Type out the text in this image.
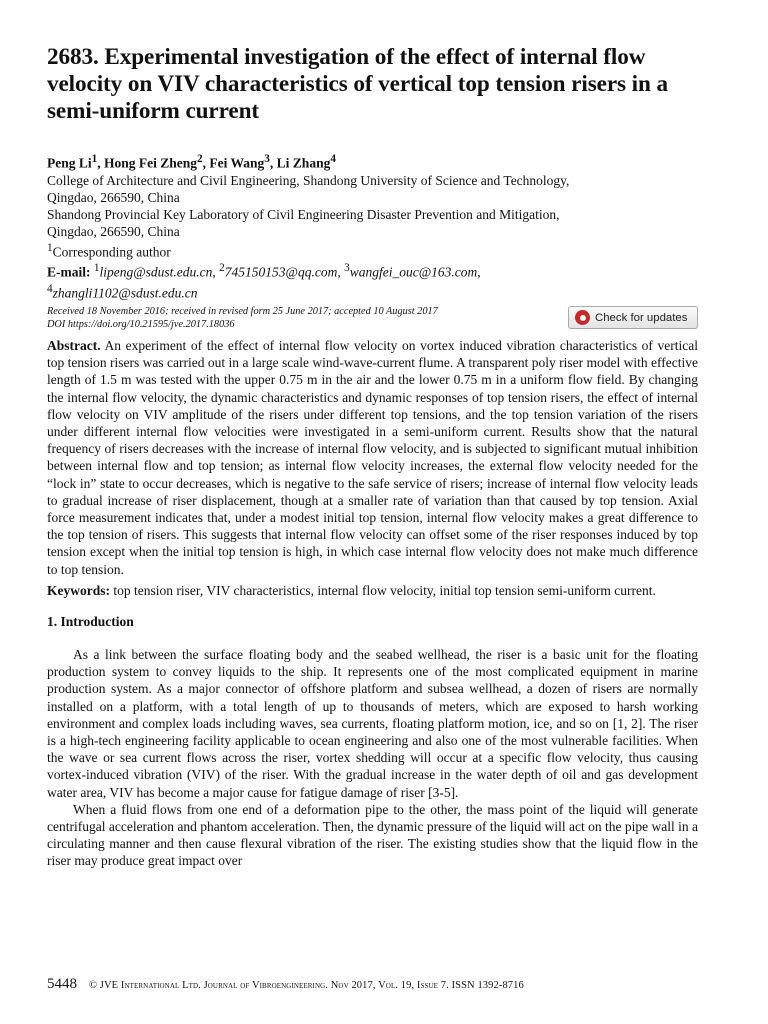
2683. Experimental investigation of the effect of internal flow velocity on VIV characteristics of vertical top tension risers in a semi-uniform current

Peng Li$^1$, Hong Fei Zheng$^2$, Fei Wang$^3$, Li Zhang$^4$

College of Architecture and Civil Engineering, Shandong University of Science and Technology,

Qingdao, 266590, China

Shandong Provincial Key Laboratory of Civil Engineering Disaster Prevention and Mitigation,

Qingdao, 266590, China

$^1$Corresponding author

E-mail: $^1$lipeng@sdust.edu.cn, $^2$745150153@qq.com, $^3$wangfei_ouc@163.com,
$^4$zhangli1102@sdust.edu.cn

Received 18 November 2016; received in revised form 25 June 2017; accepted 10 August 2017
DOI https://doi.org/10.21595/jve.2017.18036
Check for updates

Abstract. An experiment of the effect of internal flow velocity on vortex induced vibration characteristics of vertical top tension risers was carried out in a large scale wind-wave-current flume. A transparent poly riser model with effective length of 1.5 m was tested with the upper 0.75 m in the air and the lower 0.75 m in a uniform flow field. By changing the internal flow velocity, the dynamic characteristics and dynamic responses of top tension risers, the effect of internal flow velocity on VIV amplitude of the risers under different top tensions, and the top tension variation of the risers under different internal flow velocities were investigated in a semi-uniform current. Results show that the natural frequency of risers decreases with the increase of internal flow velocity, and is subjected to significant mutual inhibition between internal flow and top tension; as internal flow velocity increases, the external flow velocity needed for the “lock in” state to occur decreases, which is negative to the safe service of risers; increase of internal flow velocity leads to gradual increase of riser displacement, though at a smaller rate of variation than that caused by top tension. Axial force measurement indicates that, under a modest initial top tension, internal flow velocity makes a great difference to the top tension of risers. This suggests that internal flow velocity can offset some of the riser responses induced by top tension except when the initial top tension is high, in which case internal flow velocity does not make much difference to top tension.

Keywords: top tension riser, VIV characteristics, internal flow velocity, initial top tension semi-uniform current.

1. Introduction

As a link between the surface floating body and the seabed wellhead, the riser is a basic unit for the floating production system to convey liquids to the ship. It represents one of the most complicated equipment in marine production system. As a major connector of offshore platform and subsea wellhead, a dozen of risers are normally installed on a platform, with a total length of up to thousands of meters, which are exposed to harsh working environment and complex loads including waves, sea currents, floating platform motion, ice, and so on [1, 2]. The riser is a high-tech engineering facility applicable to ocean engineering and also one of the most vulnerable facilities. When the wave or sea current flows across the riser, vortex shedding will occur at a specific flow velocity, thus causing vortex-induced vibration (VIV) of the riser. With the gradual increase in the water depth of oil and gas development water area, VIV has become a major cause for fatigue damage of riser [3-5].

When a fluid flows from one end of a deformation pipe to the other, the mass point of the liquid will generate centrifugal acceleration and phantom acceleration. Then, the dynamic pressure of the liquid will act on the pipe wall in a circulating manner and then cause flexural vibration of the riser. The existing studies show that the liquid flow in the riser may produce great impact over

5448 © JVE International Ltd. Journal of Vibroengineering. Nov 2017, Vol. 19, Issue 7. ISSN 1392-8716
